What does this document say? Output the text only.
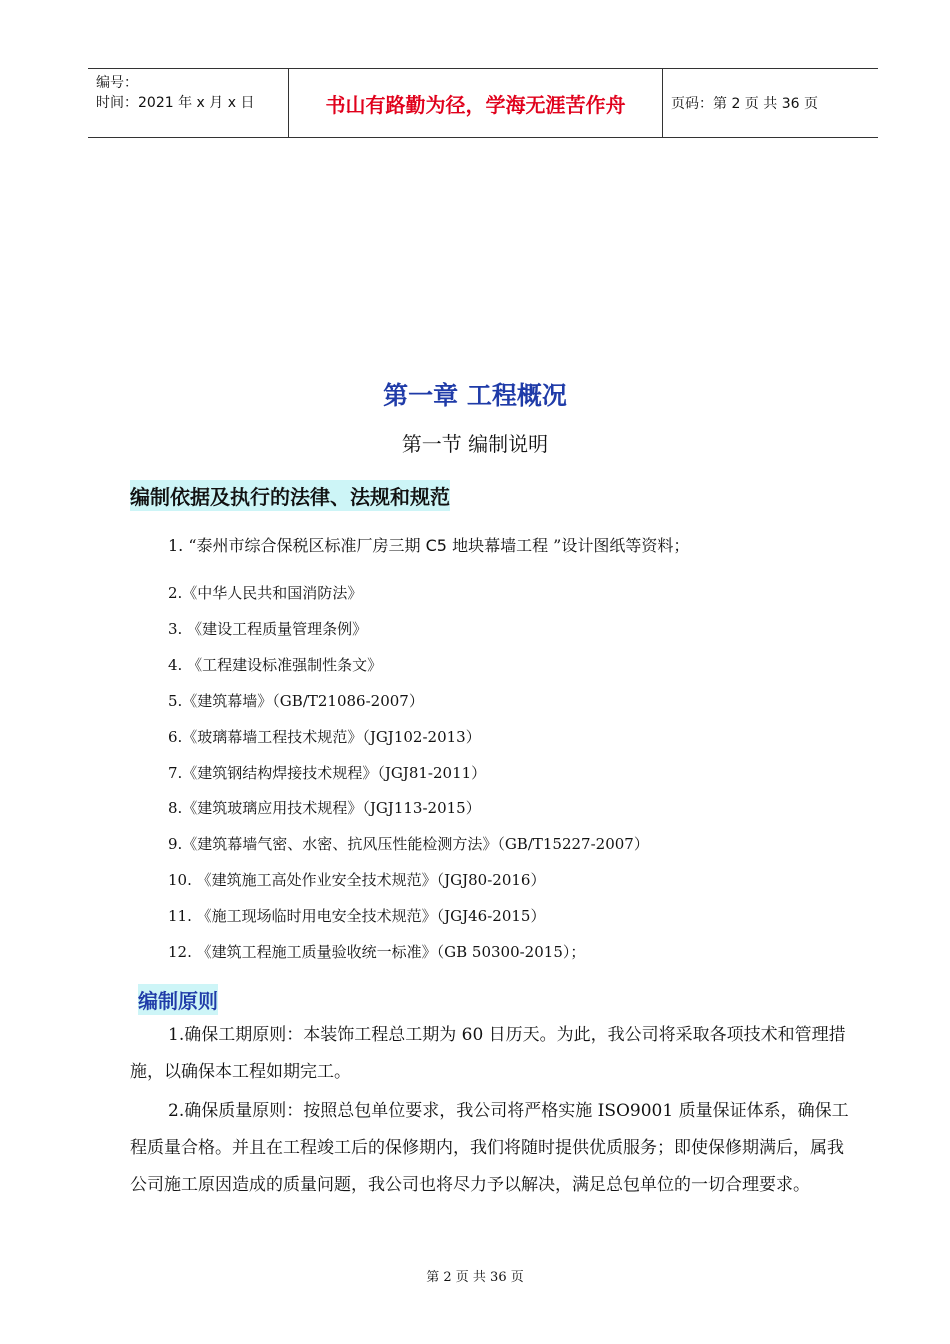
编号：
时间：2021 年 x 月 x 日	书山有路勤为径，学海无涯苦作舟	页码：第 2 页 共 36 页
第一章 工程概况
第一节 编制说明
编制依据及执行的法律、法规和规范
1. “泰州市综合保税区标准厂房三期 C5 地块幕墙工程 ”设计图纸等资料；
2.《中华人民共和国消防法》
3. 《建设工程质量管理条例》
4. 《工程建设标准强制性条文》
5.《建筑幕墙》（GB/T21086-2007）
6.《玻璃幕墙工程技术规范》（JGJ102-2013）
7.《建筑钢结构焊接技术规程》（JGJ81-2011）
8.《建筑玻璃应用技术规程》（JGJ113-2015）
9.《建筑幕墙气密、水密、抗风压性能检测方法》（GB/T15227-2007）
10. 《建筑施工高处作业安全技术规范》（JGJ80-2016）
11. 《施工现场临时用电安全技术规范》（JGJ46-2015）
12. 《建筑工程施工质量验收统一标准》（GB 50300-2015）；
编制原则
1.确保工期原则：本装饰工程总工期为 60 日历天。为此，我公司将采取各项技术和管理措施，以确保本工程如期完工。
2.确保质量原则：按照总包单位要求，我公司将严格实施 ISO9001 质量保证体系，确保工程质量合格。并且在工程竣工后的保修期内，我们将随时提供优质服务；即使保修期满后，属我公司施工原因造成的质量问题，我公司也将尽力予以解决，满足总包单位的一切合理要求。
第 2 页 共 36 页
